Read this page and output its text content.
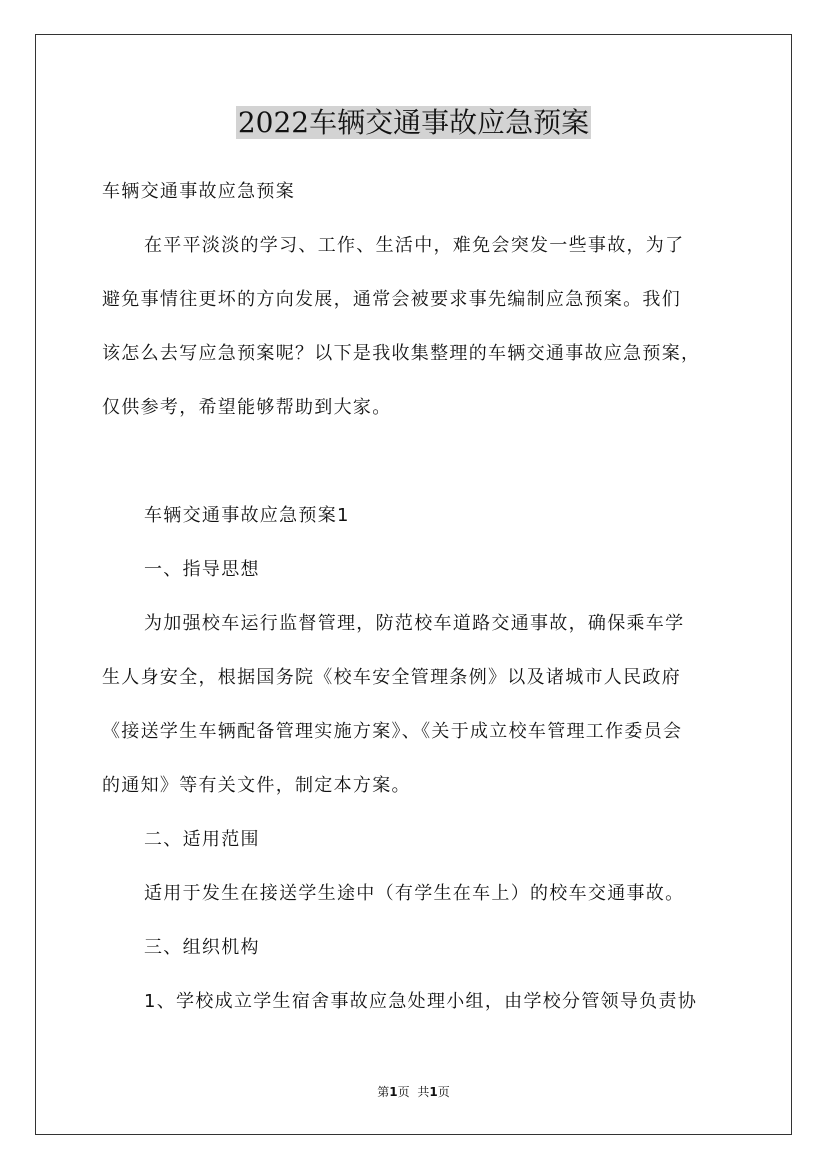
2022车辆交通事故应急预案
车辆交通事故应急预案
在平平淡淡的学习、工作、生活中，难免会突发一些事故，为了
避免事情往更坏的方向发展，通常会被要求事先编制应急预案。我们
该怎么去写应急预案呢？以下是我收集整理的车辆交通事故应急预案，
仅供参考，希望能够帮助到大家。
车辆交通事故应急预案1
一、指导思想
为加强校车运行监督管理，防范校车道路交通事故，确保乘车学
生人身安全，根据国务院《校车安全管理条例》以及诸城市人民政府
《接送学生车辆配备管理实施方案》、《关于成立校车管理工作委员会
的通知》等有关文件，制定本方案。
二、适用范围
适用于发生在接送学生途中（有学生在车上）的校车交通事故。
三、组织机构
1、学校成立学生宿舍事故应急处理小组，由学校分管领导负责协
第1页 共1页
